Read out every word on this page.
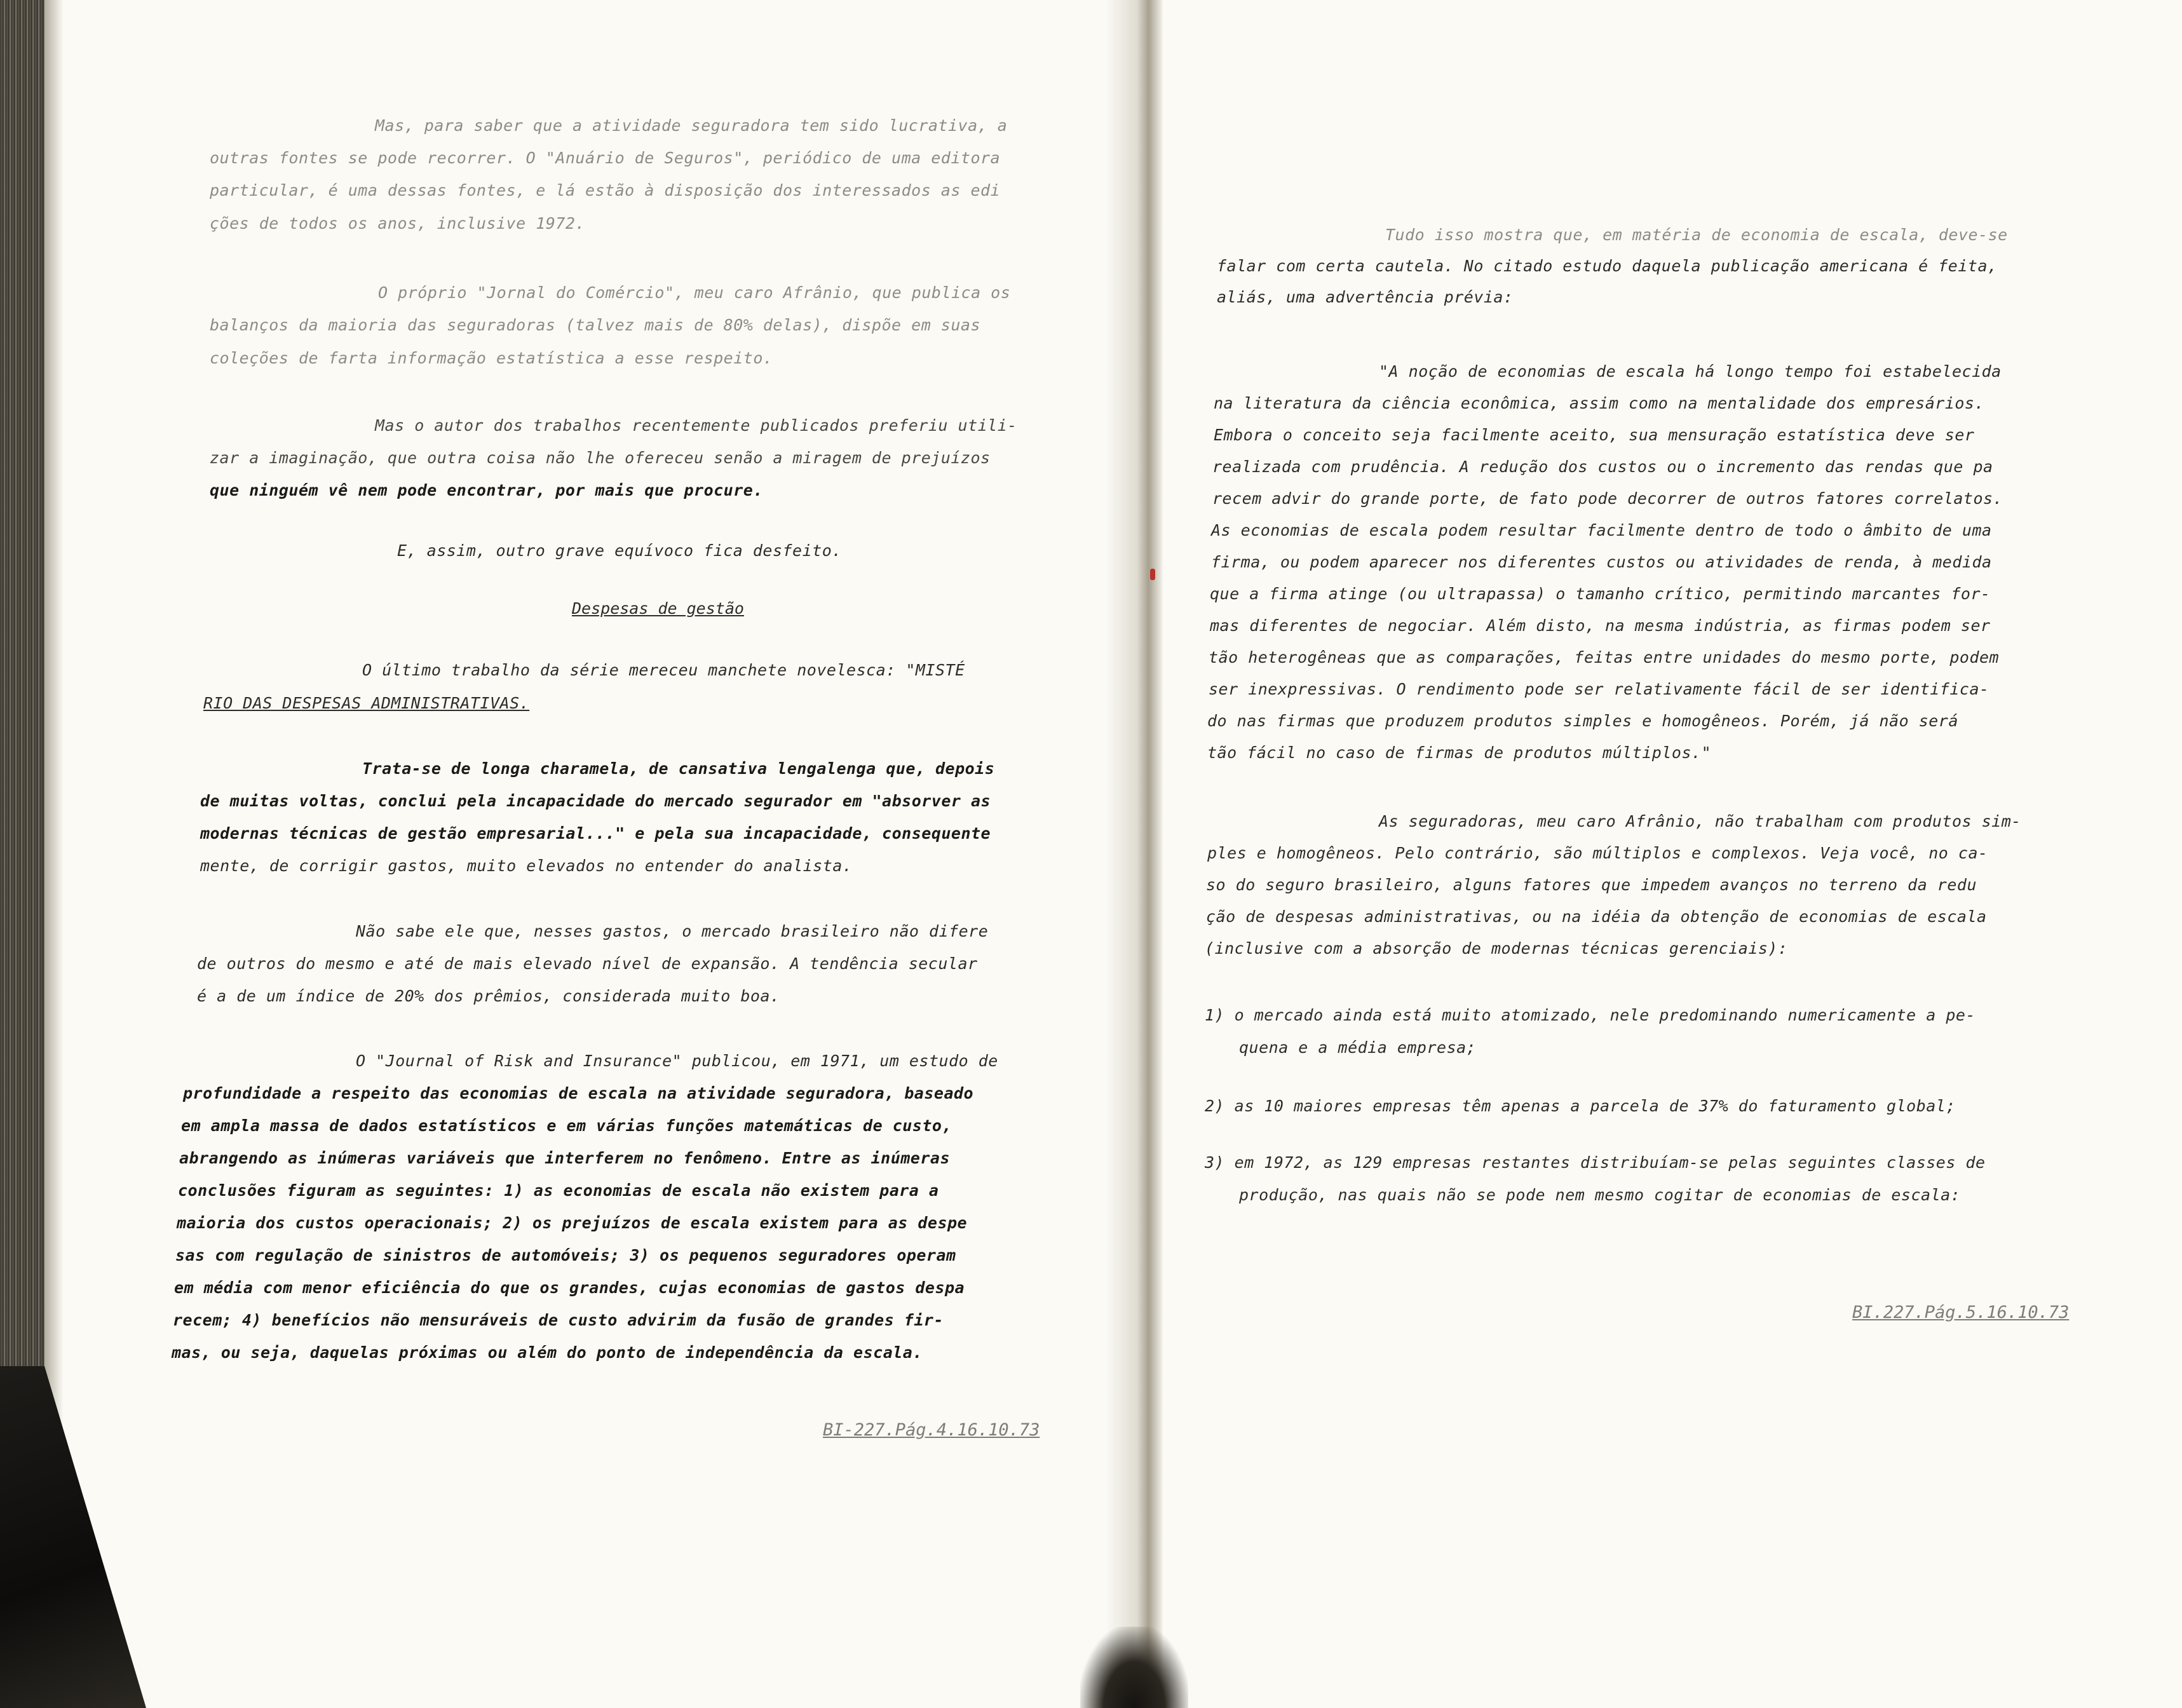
Mas, para saber que a atividade seguradora tem sido lucrativa, a
outras fontes se pode recorrer. O "Anuário de Seguros", periódico de uma editora
particular, é uma dessas fontes, e lá estão à disposição dos interessados as edi
ções de todos os anos, inclusive 1972.
O próprio "Jornal do Comércio", meu caro Afrânio, que publica os
balanços da maioria das seguradoras (talvez mais de 80% delas), dispõe em suas
coleções de farta informação estatística a esse respeito.
Mas o autor dos trabalhos recentemente publicados preferiu utili-
zar a imaginação, que outra coisa não lhe ofereceu senão a miragem de prejuízos
que ninguém vê nem pode encontrar, por mais que procure.
E, assim, outro grave equívoco fica desfeito.
Despesas de gestão
O último trabalho da série mereceu manchete novelesca: "MISTÉ
RIO DAS DESPESAS ADMINISTRATIVAS.
Trata-se de longa charamela, de cansativa lengalenga que, depois
de muitas voltas, conclui pela incapacidade do mercado segurador em "absorver as
modernas técnicas de gestão empresarial..." e pela sua incapacidade, consequente
mente, de corrigir gastos, muito elevados no entender do analista.
Não sabe ele que, nesses gastos, o mercado brasileiro não difere
de outros do mesmo e até de mais elevado nível de expansão. A tendência secular
é a de um índice de 20% dos prêmios, considerada muito boa.
O "Journal of Risk and Insurance" publicou, em 1971, um estudo de
profundidade a respeito das economias de escala na atividade seguradora, baseado
em ampla massa de dados estatísticos e em várias funções matemáticas de custo,
abrangendo as inúmeras variáveis que interferem no fenômeno. Entre as inúmeras
conclusões figuram as seguintes: 1) as economias de escala não existem para a
maioria dos custos operacionais; 2) os prejuízos de escala existem para as despe
sas com regulação de sinistros de automóveis; 3) os pequenos seguradores operam
em média com menor eficiência do que os grandes, cujas economias de gastos despa
recem; 4) benefícios não mensuráveis de custo advirim da fusão de grandes fir-
mas, ou seja, daquelas próximas ou além do ponto de independência da escala.
BI-227.Pág.4.16.10.73
Tudo isso mostra que, em matéria de economia de escala, deve-se
falar com certa cautela. No citado estudo daquela publicação americana é feita,
aliás, uma advertência prévia:
"A noção de economias de escala há longo tempo foi estabelecida
na literatura da ciência econômica, assim como na mentalidade dos empresários.
Embora o conceito seja facilmente aceito, sua mensuração estatística deve ser
realizada com prudência. A redução dos custos ou o incremento das rendas que pa
recem advir do grande porte, de fato pode decorrer de outros fatores correlatos.
As economias de escala podem resultar facilmente dentro de todo o âmbito de uma
firma, ou podem aparecer nos diferentes custos ou atividades de renda, à medida
que a firma atinge (ou ultrapassa) o tamanho crítico, permitindo marcantes for-
mas diferentes de negociar. Além disto, na mesma indústria, as firmas podem ser
tão heterogêneas que as comparações, feitas entre unidades do mesmo porte, podem
ser inexpressivas. O rendimento pode ser relativamente fácil de ser identifica-
do nas firmas que produzem produtos simples e homogêneos. Porém, já não será
tão fácil no caso de firmas de produtos múltiplos."
As seguradoras, meu caro Afrânio, não trabalham com produtos sim-
ples e homogêneos. Pelo contrário, são múltiplos e complexos. Veja você, no ca-
so do seguro brasileiro, alguns fatores que impedem avanços no terreno da redu
ção de despesas administrativas, ou na idéia da obtenção de economias de escala
(inclusive com a absorção de modernas técnicas gerenciais):
1) o mercado ainda está muito atomizado, nele predominando numericamente a pe-
quena e a média empresa;
2) as 10 maiores empresas têm apenas a parcela de 37% do faturamento global;
3) em 1972, as 129 empresas restantes distribuíam-se pelas seguintes classes de
produção, nas quais não se pode nem mesmo cogitar de economias de escala:
BI.227.Pág.5.16.10.73
